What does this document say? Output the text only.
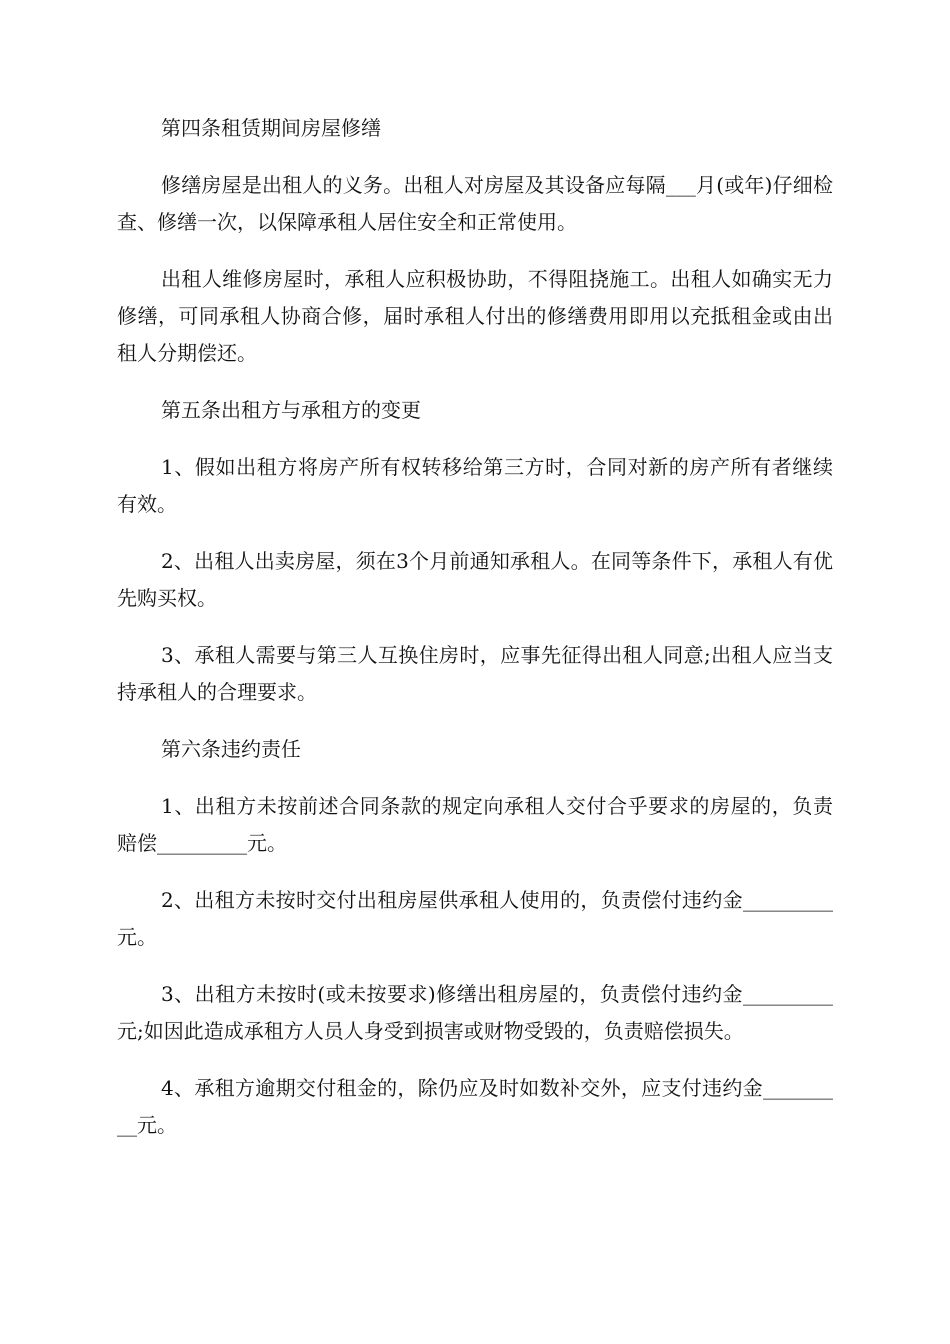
第四条租赁期间房屋修缮

修缮房屋是出租人的义务。出租人对房屋及其设备应每隔___月(或年)仔细检查、修缮一次，以保障承租人居住安全和正常使用。

出租人维修房屋时，承租人应积极协助，不得阻挠施工。出租人如确实无力修缮，可同承租人协商合修，届时承租人付出的修缮费用即用以充抵租金或由出租人分期偿还。

第五条出租方与承租方的变更

1、假如出租方将房产所有权转移给第三方时，合同对新的房产所有者继续有效。

2、出租人出卖房屋，须在3个月前通知承租人。在同等条件下，承租人有优先购买权。

3、承租人需要与第三人互换住房时，应事先征得出租人同意;出租人应当支持承租人的合理要求。

第六条违约责任

1、出租方未按前述合同条款的规定向承租人交付合乎要求的房屋的，负责赔偿_________元。

2、出租方未按时交付出租房屋供承租人使用的，负责偿付违约金_________元。

3、出租方未按时(或未按要求)修缮出租房屋的，负责偿付违约金_________元;如因此造成承租方人员人身受到损害或财物受毁的，负责赔偿损失。

4、承租方逾期交付租金的，除仍应及时如数补交外，应支付违约金_________元。
